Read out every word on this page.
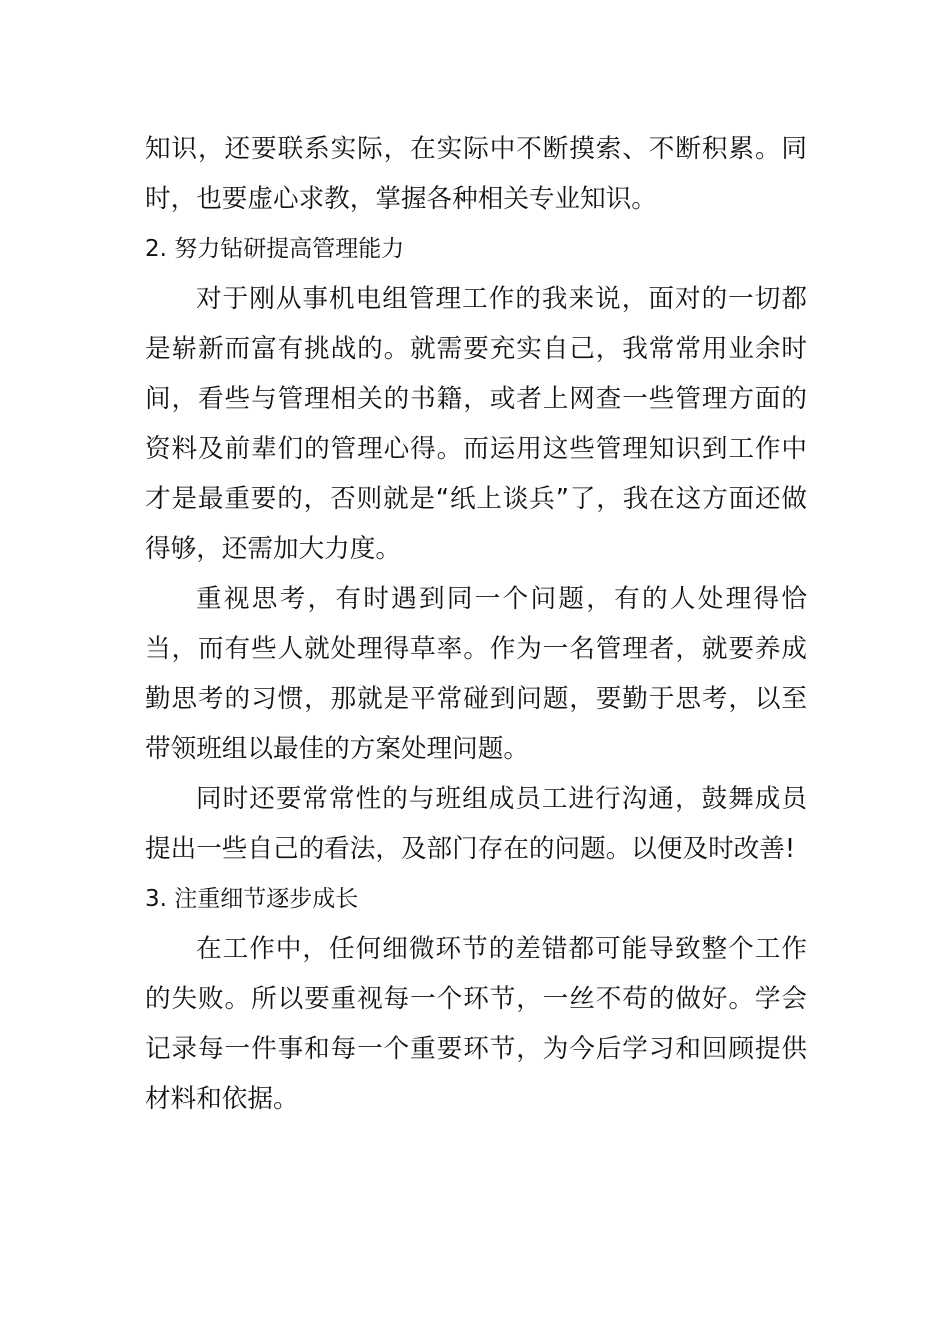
知识，还要联系实际，在实际中不断摸索、不断积累。同时，也要虚心求教，掌握各种相关专业知识。

2. 努力钻研提高管理能力

对于刚从事机电组管理工作的我来说，面对的一切都是崭新而富有挑战的。就需要充实自己，我常常用业余时间，看些与管理相关的书籍，或者上网查一些管理方面的资料及前辈们的管理心得。而运用这些管理知识到工作中才是最重要的，否则就是“纸上谈兵”了，我在这方面还做得够，还需加大力度。

重视思考，有时遇到同一个问题，有的人处理得恰当，而有些人就处理得草率。作为一名管理者，就要养成勤思考的习惯，那就是平常碰到问题，要勤于思考，以至带领班组以最佳的方案处理问题。

同时还要常常性的与班组成员工进行沟通，鼓舞成员提出一些自己的看法，及部门存在的问题。以便及时改善!

3. 注重细节逐步成长

在工作中，任何细微环节的差错都可能导致整个工作的失败。所以要重视每一个环节，一丝不苟的做好。学会记录每一件事和每一个重要环节，为今后学习和回顾提供材料和依据。
